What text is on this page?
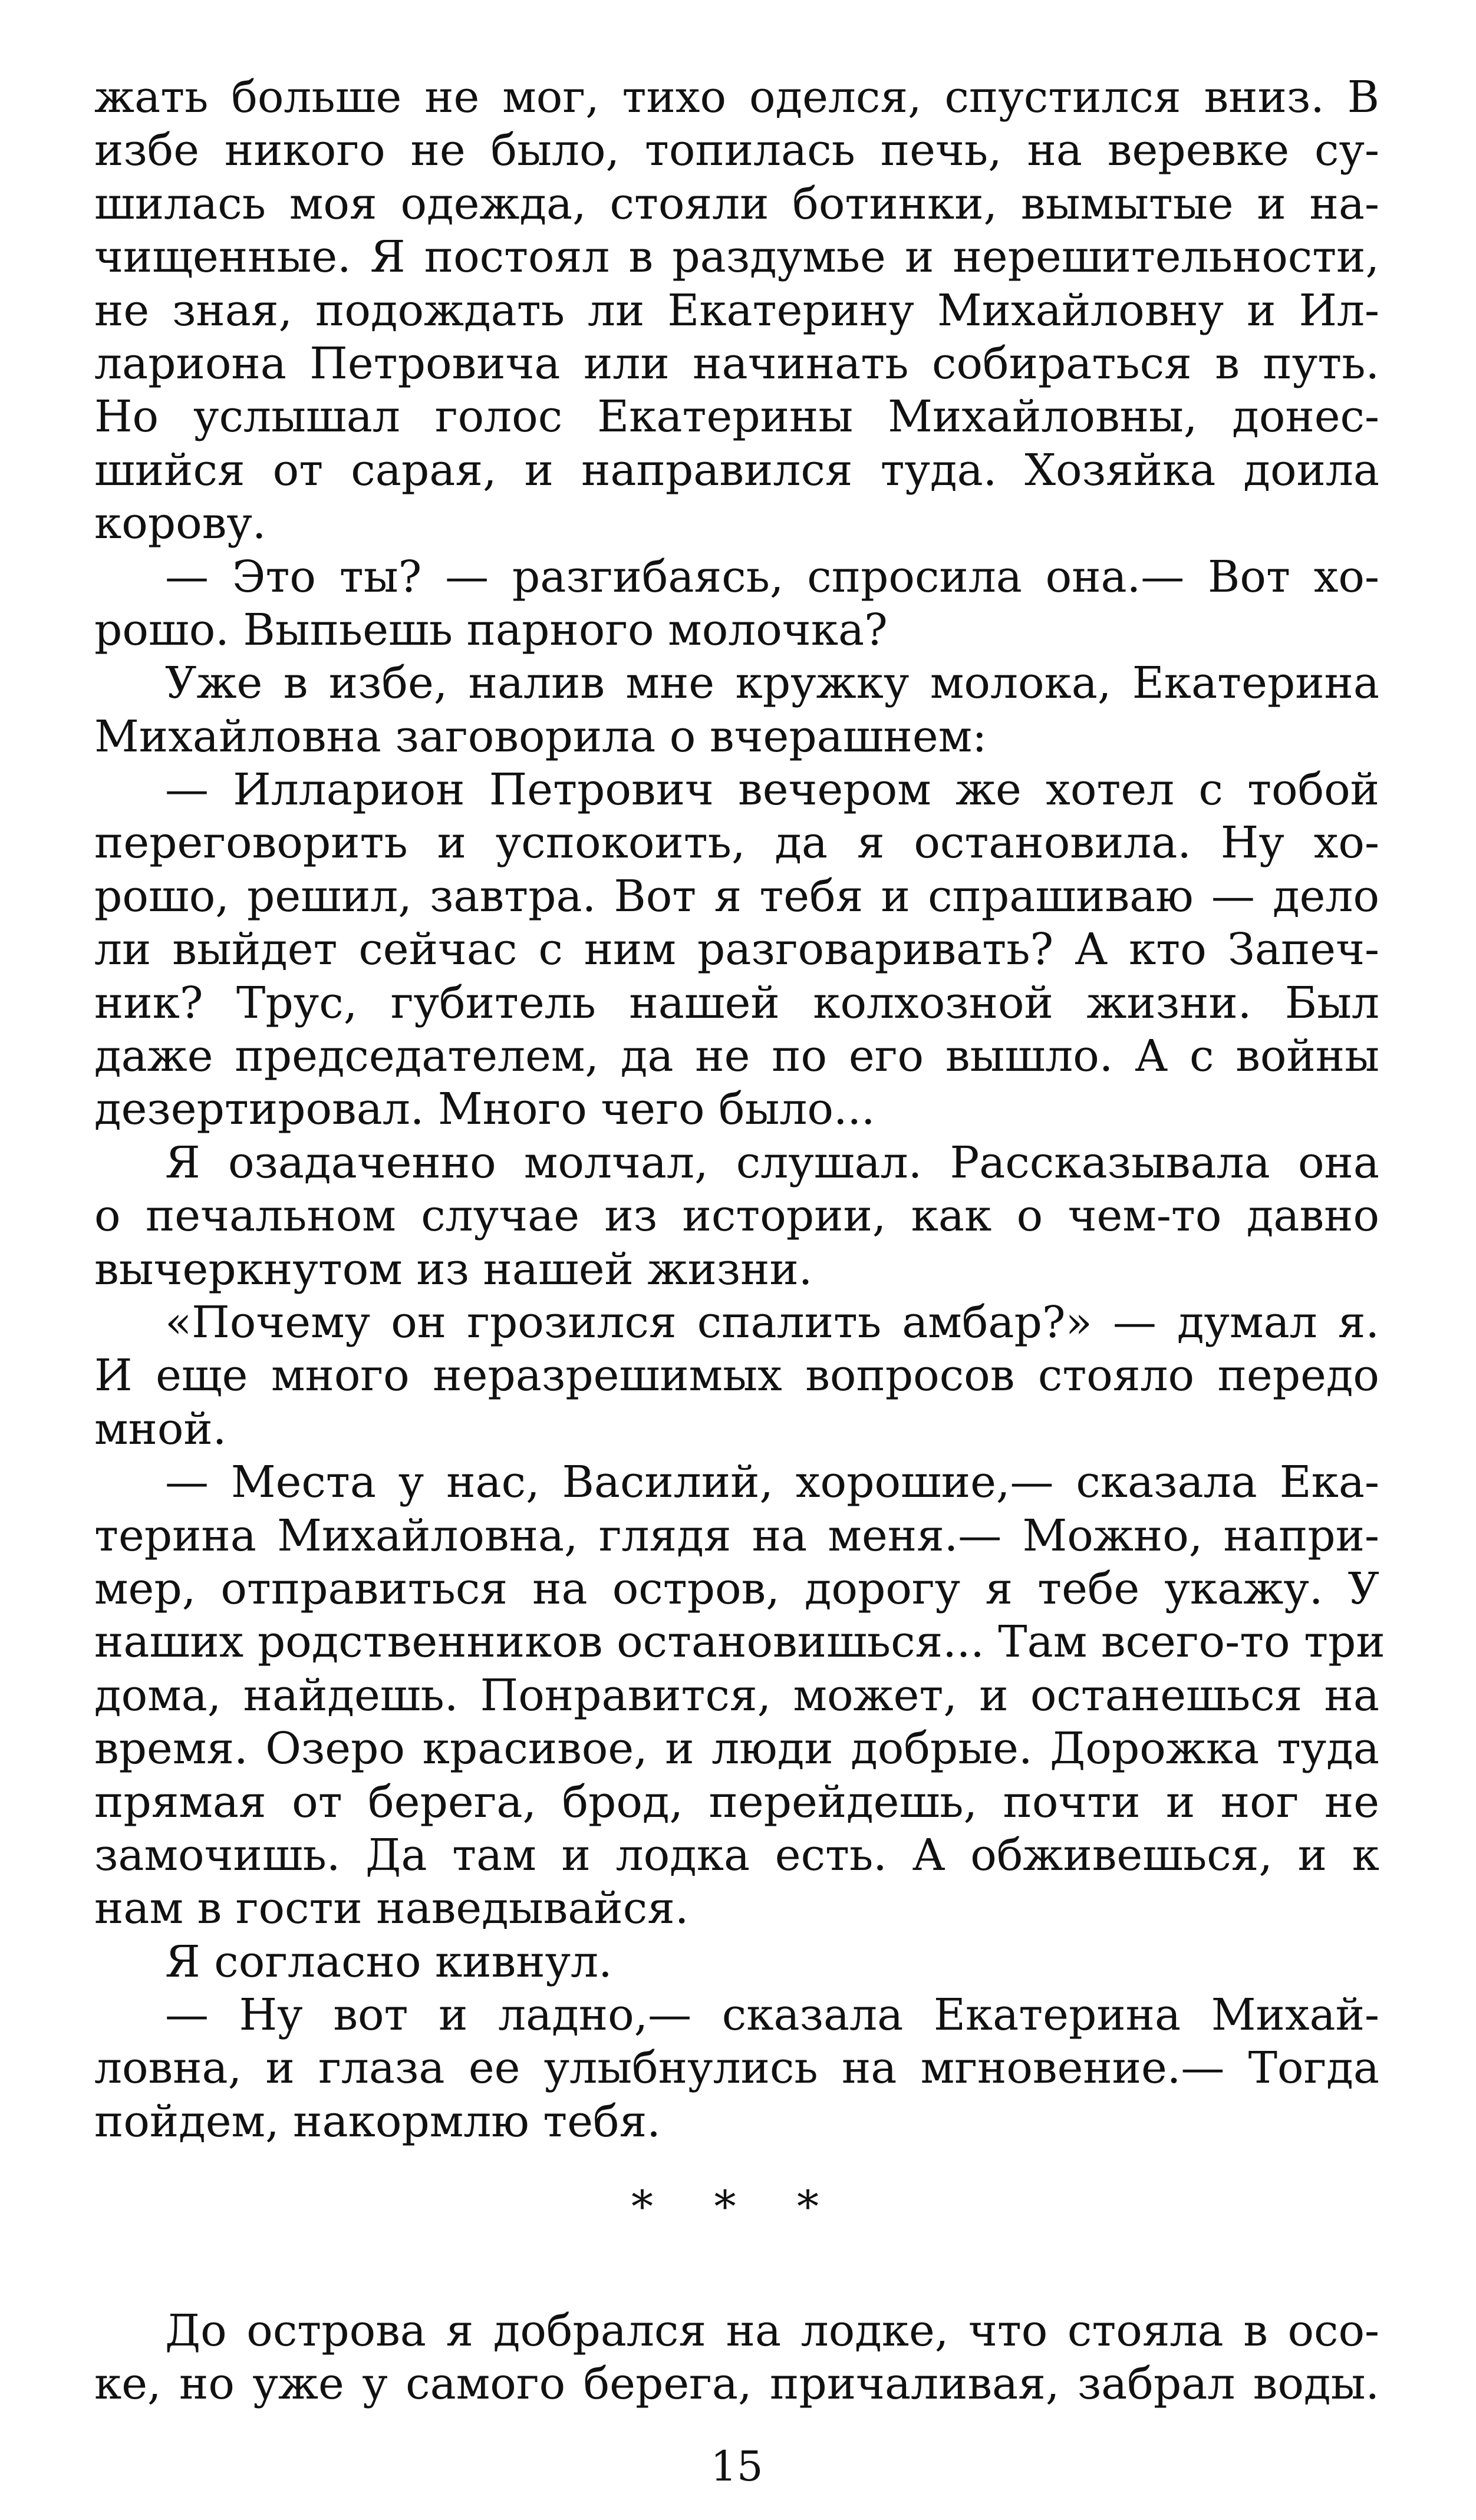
жать больше не мог, тихо оделся, спустился вниз. В
избе никого не было, топилась печь, на веревке су-
шилась моя одежда, стояли ботинки, вымытые и на-
чищенные. Я постоял в раздумье и нерешительности,
не зная, подождать ли Екатерину Михайловну и Ил-
лариона Петровича или начинать собираться в путь.
Но услышал голос Екатерины Михайловны, донес-
шийся от сарая, и направился туда. Хозяйка доила
корову.
— Это ты? — разгибаясь, спросила она.— Вот хо-
рошо. Выпьешь парного молочка?
Уже в избе, налив мне кружку молока, Екатерина
Михайловна заговорила о вчерашнем:
— Илларион Петрович вечером же хотел с тобой
переговорить и успокоить, да я остановила. Ну хо-
рошо, решил, завтра. Вот я тебя и спрашиваю — дело
ли выйдет сейчас с ним разговаривать? А кто Запеч-
ник? Трус, губитель нашей колхозной жизни. Был
даже председателем, да не по его вышло. А с войны
дезертировал. Много чего было...
Я озадаченно молчал, слушал. Рассказывала она
о печальном случае из истории, как о чем-то давно
вычеркнутом из нашей жизни.
«Почему он грозился спалить амбар?» — думал я.
И еще много неразрешимых вопросов стояло передо
мной.
— Места у нас, Василий, хорошие,— сказала Ека-
терина Михайловна, глядя на меня.— Можно, напри-
мер, отправиться на остров, дорогу я тебе укажу. У
наших родственников остановишься... Там всего-то три
дома, найдешь. Понравится, может, и останешься на
время. Озеро красивое, и люди добрые. Дорожка туда
прямая от берега, брод, перейдешь, почти и ног не
замочишь. Да там и лодка есть. А обживешься, и к
нам в гости наведывайся.
Я согласно кивнул.
— Ну вот и ладно,— сказала Екатерина Михай-
ловна, и глаза ее улыбнулись на мгновение.— Тогда
пойдем, накормлю тебя.
* * *
До острова я добрался на лодке, что стояла в осо-
ке, но уже у самого берега, причаливая, забрал воды.
15
